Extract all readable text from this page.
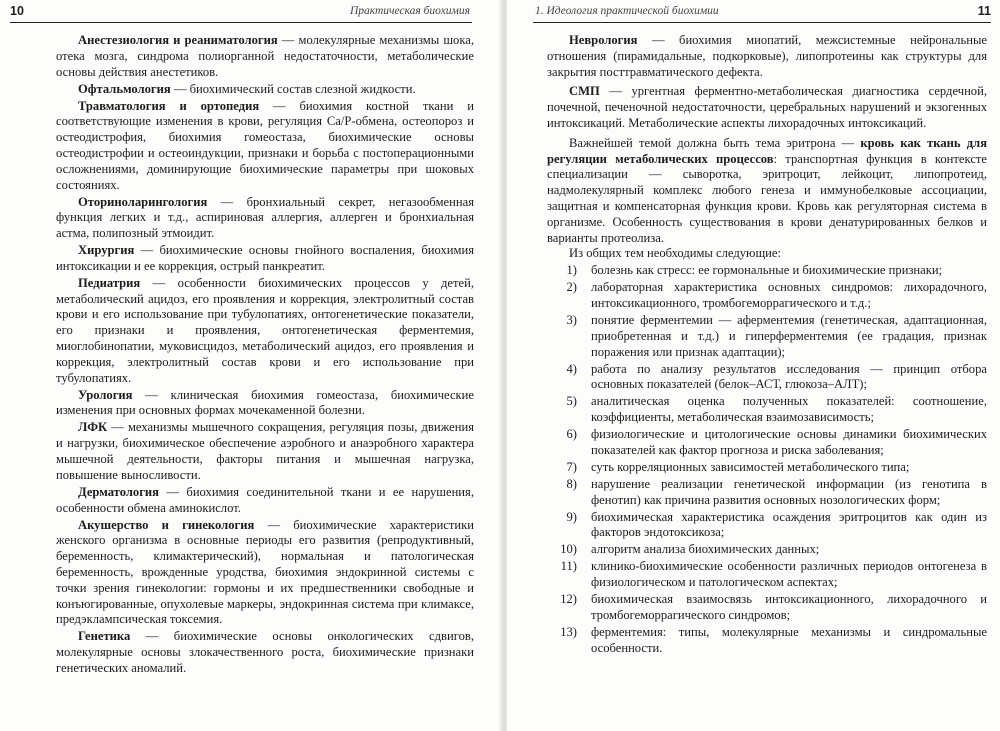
10	Практическая биохимия

Анестезиология и реаниматология — молекулярные механизмы шока, отека мозга, синдрома полиорганной недостаточности, метаболические основы действия анестетиков.

Офтальмология — биохимический состав слезной жидкости.

Травматология и ортопедия — биохимия костной ткани и соответствующие изменения в крови, регуляция Ca/P-обмена, остеопороз и остеодистрофия, биохимия гомеостаза, биохимические основы остеодистрофии и остеоиндукции, признаки и борьба с постоперационными осложнениями, доминирующие биохимические параметры при шоковых состояниях.

Оториноларингология — бронхиальный секрет, негазообменная функция легких и т.д., аспириновая аллергия, аллерген и бронхиальная астма, полипозный этмоидит.

Хирургия — биохимические основы гнойного воспаления, биохимия интоксикации и ее коррекция, острый панкреатит.

Педиатрия — особенности биохимических процессов у детей, метаболический ацидоз, его проявления и коррекция, электролитный состав крови и его использование при тубулопатиях, онтогенетические показатели, его признаки и проявления, онтогенетическая ферментемия, миоглобинопатии, муковисцидоз, метаболический ацидоз, его проявления и коррекция, электролитный состав крови и его использование при тубулопатиях.

Урология — клиническая биохимия гомеостаза, биохимические изменения при основных формах мочекаменной болезни.

ЛФК — механизмы мышечного сокращения, регуляция позы, движения и нагрузки, биохимическое обеспечение аэробного и анаэробного характера мышечной деятельности, факторы питания и мышечная нагрузка, повышение выносливости.

Дерматология — биохимия соединительной ткани и ее нарушения, особенности обмена аминокислот.

Акушерство и гинекология — биохимические характеристики женского организма в основные периоды его развития (репродуктивный, беременность, климактерический), нормальная и патологическая беременность, врожденные уродства, биохимия эндокринной системы с точки зрения гинекологии: гормоны и их предшественники свободные и конъюгированные, опухолевые маркеры, эндокринная система при климаксе, предэклампсическая токсемия.

Генетика — биохимические основы онкологических сдвигов, молекулярные основы злокачественного роста, биохимические признаки генетических аномалий.

1. Идеология практической биохимии	11

Неврология — биохимия миопатий, межсистемные нейрональные отношения (пирамидальные, подкорковые), липопротеины как структуры для закрытия посттравматического дефекта.

СМП — ургентная ферментно-метаболическая диагностика сердечной, почечной, печеночной недостаточности, церебральных нарушений и экзогенных интоксикаций. Метаболические аспекты лихорадочных интоксикаций.

Важнейшей темой должна быть тема эритрона — кровь как ткань для регуляции метаболических процессов: транспортная функция в контексте специализации — сыворотка, эритроцит, лейкоцит, липопротеид, надмолекулярный комплекс любого генеза и иммунобелковые ассоциации, защитная и компенсаторная функция крови. Кровь как регуляторная система в организме. Особенность существования в крови денатурированных белков и варианты протеолиза.

Из общих тем необходимы следующие:

1) болезнь как стресс: ее гормональные и биохимические признаки;
2) лабораторная характеристика основных синдромов: лихорадочного, интоксикационного, тромбогеморрагического и т.д.;
3) понятие ферментемии — аферментемия (генетическая, адаптационная, приобретенная и т.д.) и гиперферментемия (ее градация, признак поражения или признак адаптации);
4) работа по анализу результатов исследования — принцип отбора основных показателей (белок–АСТ, глюкоза–АЛТ);
5) аналитическая оценка полученных показателей: соотношение, коэффициенты, метаболическая взаимозависимость;
6) физиологические и цитологические основы динамики биохимических показателей как фактор прогноза и риска заболевания;
7) суть корреляционных зависимостей метаболического типа;
8) нарушение реализации генетической информации (из генотипа в фенотип) как причина развития основных нозологических форм;
9) биохимическая характеристика осаждения эритроцитов как один из факторов эндотоксикоза;
10) алгоритм анализа биохимических данных;
11) клинико-биохимические особенности различных периодов онтогенеза в физиологическом и патологическом аспектах;
12) биохимическая взаимосвязь интоксикационного, лихорадочного и тромбогеморрагического синдромов;
13) ферментемия: типы, молекулярные механизмы и синдромальные особенности.
